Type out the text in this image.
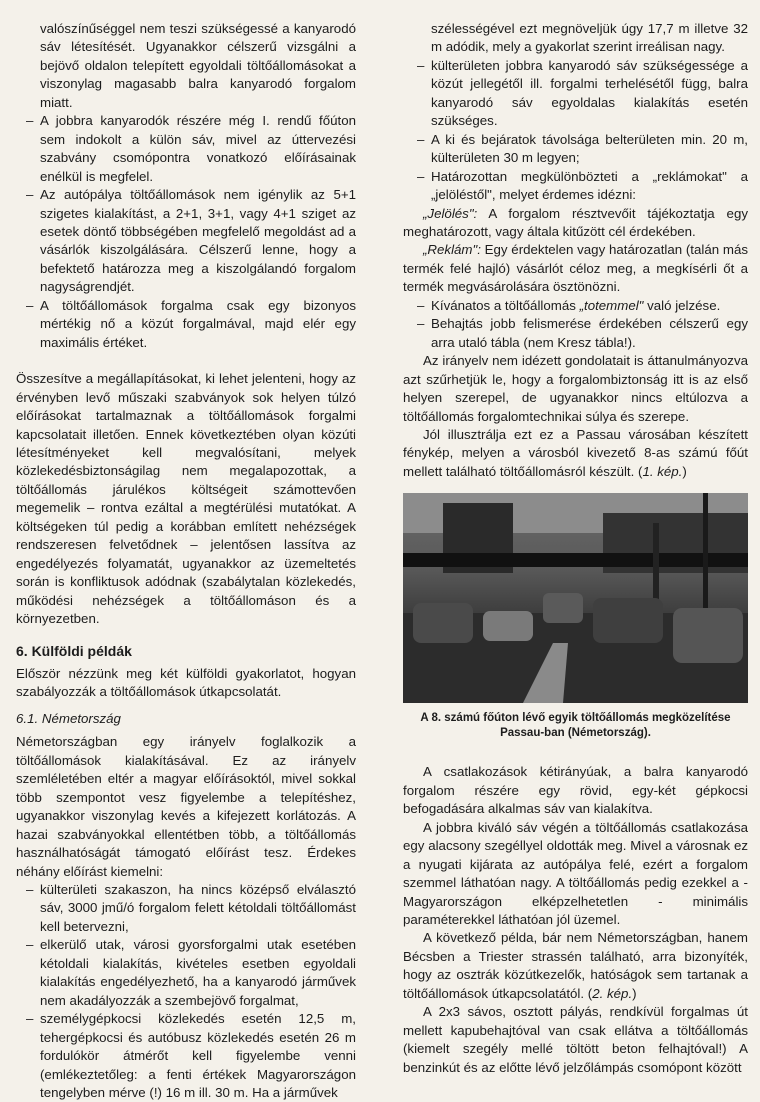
valószínűséggel nem teszi szükségessé a kanyarodó sáv létesítését. Ugyanakkor célszerű vizsgálni a bejövő oldalon telepített egyoldali töltőállomásokat a viszonylag magasabb balra kanyarodó forgalom miatt.

– A jobbra kanyarodók részére még I. rendű főúton sem indokolt a külön sáv, mivel az úttervezési szabvány csomópontra vonatkozó előírásainak enélkül is megfelel.
– Az autópálya töltőállomások nem igénylik az 5+1 szigetes kialakítást, a 2+1, 3+1, vagy 4+1 sziget az esetek döntő többségében megfelelő megoldást ad a vásárlók kiszolgálására. Célszerű lenne, hogy a befektető határozza meg a kiszolgálandó forgalom nagyságrendjét.
– A töltőállomások forgalma csak egy bizonyos mértékig nő a közút forgalmával, majd elér egy maximális értéket.

Összesítve a megállapításokat, ki lehet jelenteni, hogy az érvényben levő műszaki szabványok sok helyen túlzó előírásokat tartalmaznak a töltőállomások forgalmi kapcsolatait illetően. Ennek következtében olyan közúti létesítményeket kell megvalósítani, melyek közlekedésbiztonságilag nem megalapozottak, a töltőállomás járulékos költségeit számottevően megemelik – rontva ezáltal a megtérülési mutatókat. A költségeken túl pedig a korábban említett nehézségek rendszeresen felvetődnek – jelentősen lassítva az engedélyezés folyamatát, ugyanakkor az üzemeltetés során is konfliktusok adódnak (szabálytalan közlekedés, működési nehézségek a töltőállomáson és a környezetben.

6. Külföldi példák

Először nézzünk meg két külföldi gyakorlatot, hogyan szabályozzák a töltőállomások útkapcsolatát.

6.1. Németország

Németországban egy irányelv foglalkozik a töltőállomások kialakításával. Ez az irányelv szemléletében eltér a magyar előírásoktól, mivel sokkal több szempontot vesz figyelembe a telepítéshez, ugyanakkor viszonylag kevés a kifejezett korlátozás. A hazai szabványokkal ellentétben több, a töltőállomás használhatóságát támogató előírást tesz. Érdekes néhány előírást kiemelni:

– külterületi szakaszon, ha nincs középső elválasztó sáv, 3000 jmű/ó forgalom felett kétoldali töltőállomást kell betervezni,
– elkerülő utak, városi gyorsforgalmi utak esetében kétoldali kialakítás, kivételes esetben egyoldali kialakítás engedélyezhető, ha a kanyarodó járművek nem akadályozzák a szembejövő forgalmat,
– személygépkocsi közlekedés esetén 12,5 m, tehergépkocsi és autóbusz közlekedés esetén 26 m fordulókör átmérőt kell figyelembe venni (emlékeztetőleg: a fenti értékek Magyarországon tengelyben mérve (!) 16 m ill. 30 m. Ha a járművek

szélességével ezt megnöveljük úgy 17,7 m illetve 32 m adódik, mely a gyakorlat szerint irreálisan nagy.

– külterületen jobbra kanyarodó sáv szükségessége a közút jellegétől ill. forgalmi terhelésétől függ, balra kanyarodó sáv egyoldalas kialakítás esetén szükséges.
– A ki és bejáratok távolsága belterületen min. 20 m, külterületen 30 m legyen;
– Határozottan megkülönbözteti a „reklámokat" a „jelöléstől", melyet érdemes idézni:

„Jelölés": A forgalom résztvevőit tájékoztatja egy meghatározott, vagy általa kitűzött cél érdekében.

„Reklám": Egy érdektelen vagy határozatlan (talán más termék felé hajló) vásárlót céloz meg, a megkísérli őt a termék megvásárolására ösztönözni.

– Kívánatos a töltőállomás „totemmel" való jelzése.
– Behajtás jobb felismerése érdekében célszerű egy arra utaló tábla (nem Kresz tábla!).

Az irányelv nem idézett gondolatait is áttanulmányozva azt szűrhetjük le, hogy a forgalombiztonság itt is az első helyen szerepel, de ugyanakkor nincs eltúlozva a töltőállomás forgalomtechnikai súlya és szerepe.

Jól illusztrálja ezt ez a Passau városában készített fénykép, melyen a városból kivezető 8-as számú főút mellett található töltőállomásról készült. (1. kép.)

A 8. számú főúton lévő egyik töltőállomás megközelítése Passau-ban (Németország).

A csatlakozások kétirányúak, a balra kanyarodó forgalom részére egy rövid, egy-két gépkocsi befogadására alkalmas sáv van kialakítva.

A jobbra kiváló sáv végén a töltőállomás csatlakozása egy alacsony szegéllyel oldották meg. Mivel a városnak ez a nyugati kijárata az autópálya felé, ezért a forgalom szemmel láthatóan nagy. A töltőállomás pedig ezekkel a - Magyarországon elképzelhetetlen - minimális paraméterekkel láthatóan jól üzemel.

A következő példa, bár nem Németországban, hanem Bécsben a Triester strassén található, arra bizonyíték, hogy az osztrák közútkezelők, hatóságok sem tartanak a töltőállomások útkapcsolatától. (2. kép.)

A 2x3 sávos, osztott pályás, rendkívül forgalmas út mellett kapubehajtóval van csak ellátva a töltőállomás (kiemelt szegély mellé töltött beton felhajtóval!) A benzinkút és az előtte lévő jelzőlámpás csomópont között
